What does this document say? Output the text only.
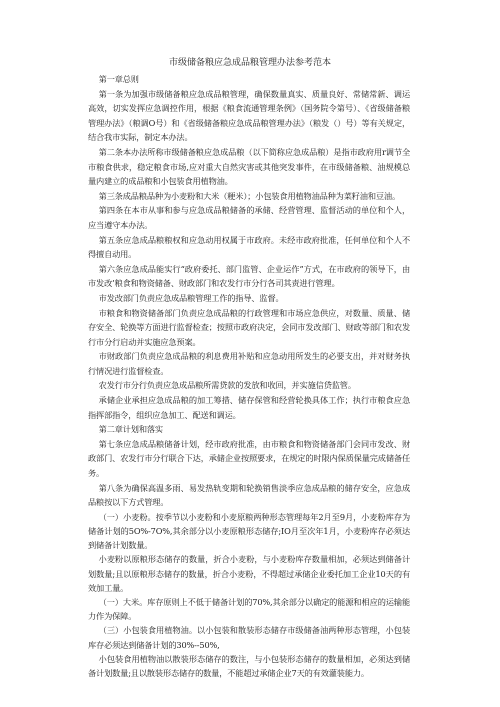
市级储备粮应急成品粮管理办法参考范本

第一章总则

第一条为加强市级储备粮应急成品粮管理，确保数量真实、质量良好、常储常新、调运高效，切实发挥应急调控作用，根据《粮食流通管理条例》（国务院令第号）、《省级储备粮管理办法》（粮调O号）和《省级储备粮应急成品粮管理办法》（粮发（）号）等有关规定，结合我市实际，制定本办法。

第二条本办法所称市级储备粮应急成品粮（以下简称应急成品粮）是指市政府用r调节全市粮食供求，稳定粮食市场,应对重大自然灾害或其他突发事件，在市级储备粮、油规模总量内建立的成品粮和小包装食用植物油。

第三条成品粮品种为小麦粉和大米（粳米）；小包装食用植物油品种为菜籽油和豆油。

第四条在本市从事和参与应急成品粮储备的承储、经营管理、监督活动的单位和个人，应当遵守本办法。

第五条应急成品粮粮权和应急动用权属于市政府。未经市政府批准，任何单位和个人不得擅自动用。

第六条应急成品能实行“政府委托、部门监管、企业运作”方式，在市政府的领导下，由市发改’粮食和物资储备、财政部门和农发行市分行各司其责进行管理。

市发改部门负责应急成品粮管理工作的指导、监督。

市粮食和物资储备部门负责应急成品粮的行政管理和市场应急供应，对数量、质量、储存安全、轮换等方面进行监督检查；按照市政府决定，会同市发改部门、财政等部门和农发行市分行启动并实施应急预案。

市财政部门负责应急成品粮的利息费用补贴和应急动用所发生的必要支出，并对财务执行情况进行监督检查。

农发行市分行负责应急成品粮所需贷款的发放和收回，并实施信贷监管。

承储企业承担应急成品粮的加工筹措、储存保管和经营轮换具体工作；执行市粮食应急指挥部指令，组织应急加工、配送和调运。

第二章计划和落实

第七条应急成品粮储备计划，经市政府批准，由市粮食和物资储备部门会同市发改、财政部门、农发行市分行联合下达，承储企业按照要求，在规定的时限内保质保量完成储备任务。

第八条为确保高温多雨、易发热轨变期和轮换销售淡季应急成品粮的储存安全，应急成品粮按以下方式管理。

（一）小麦粉。按季节以小麦粉和小麦原粮两种形态管理每年2月至9月，小麦粉库存为储备计划的5O%-7O%,其余部分以小麦原粮形态储存;IO月至次年1月，小麦粉库存必须达到储备计划数量。

小麦粉以原粮形态储存的数量，折合小麦粉，与小麦粉库存数量相加，必须达到储备计划数量;且以原粮形态储存的数量，折合小麦粉，不得超过承储企业委托加工企业10天的有效加工量。

（一）大米。库存原则上不低于储备计划的70%,其余部分以确定的能源和相应的运输能力作为保障。

（三）小包装食用植物油。以小包装和散装形态储存市级储备油两种形态管理，小包装库存必须达到储备计划的30%--50%,

小包装食用植物油以散装形态储存的数注，与小包装形态储存的数量相加，必须达到储备计划数量;且以散装形态储存的数量，不能超过承储企业7天的有效灌装能力。
